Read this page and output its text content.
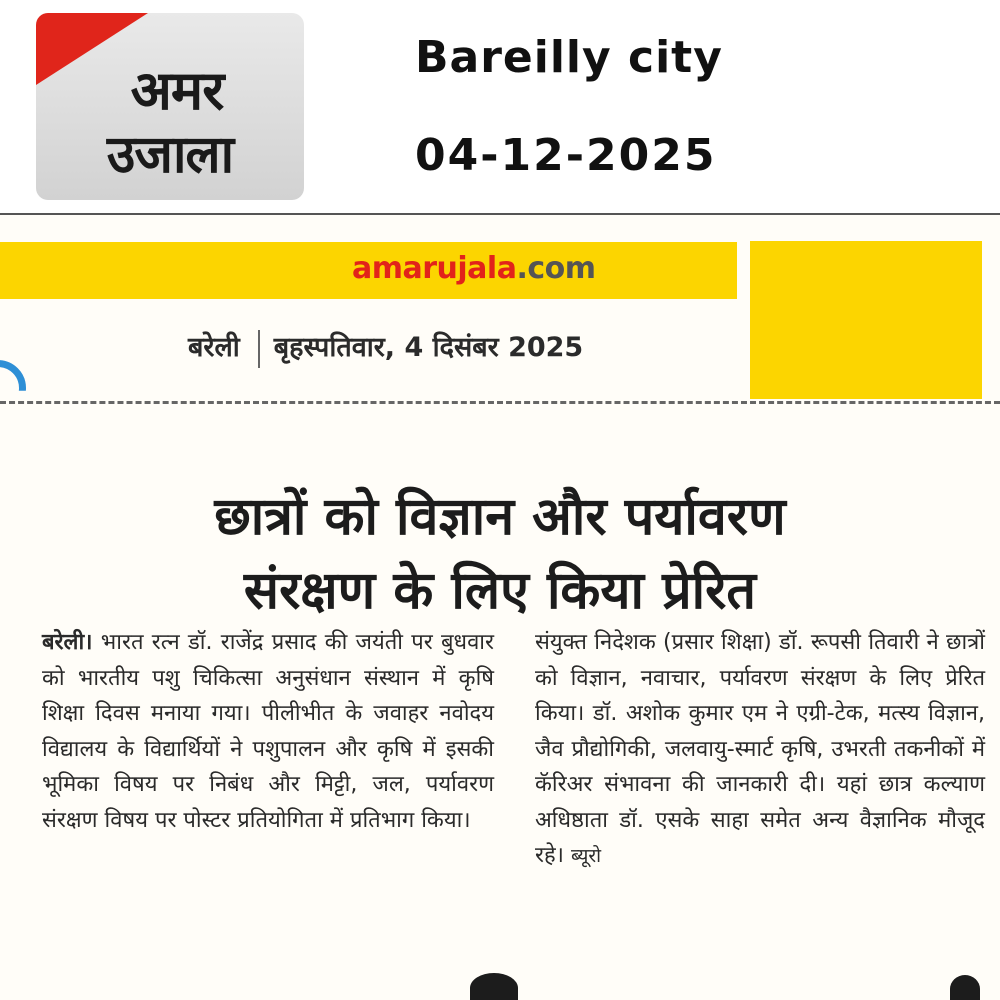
अमर
उजाला
Bareilly city
04-12-2025
amarujala.com
बरेली बृहस्पतिवार, 4 दिसंबर 2025
छात्रों को विज्ञान और पर्यावरण
संरक्षण के लिए किया प्रेरित
बरेली। भारत रत्न डॉ. राजेंद्र प्रसाद की जयंती पर बुधवार को भारतीय पशु चिकित्सा अनुसंधान संस्थान में कृषि शिक्षा दिवस मनाया गया। पीलीभीत के जवाहर नवोदय विद्यालय के विद्यार्थियों ने पशुपालन और कृषि में इसकी भूमिका विषय पर निबंध और मिट्टी, जल, पर्यावरण संरक्षण विषय पर पोस्टर प्रतियोगिता में प्रतिभाग किया।
संयुक्त निदेशक (प्रसार शिक्षा) डॉ. रूपसी तिवारी ने छात्रों को विज्ञान, नवाचार, पर्यावरण संरक्षण के लिए प्रेरित किया। डॉ. अशोक कुमार एम ने एग्री-टेक, मत्स्य विज्ञान, जैव प्रौद्योगिकी, जलवायु-स्मार्ट कृषि, उभरती तकनीकों में कॅरिअर संभावना की जानकारी दी। यहां छात्र कल्याण अधिष्ठाता डॉ. एसके साहा समेत अन्य वैज्ञानिक मौजूद रहे। ब्यूरो
